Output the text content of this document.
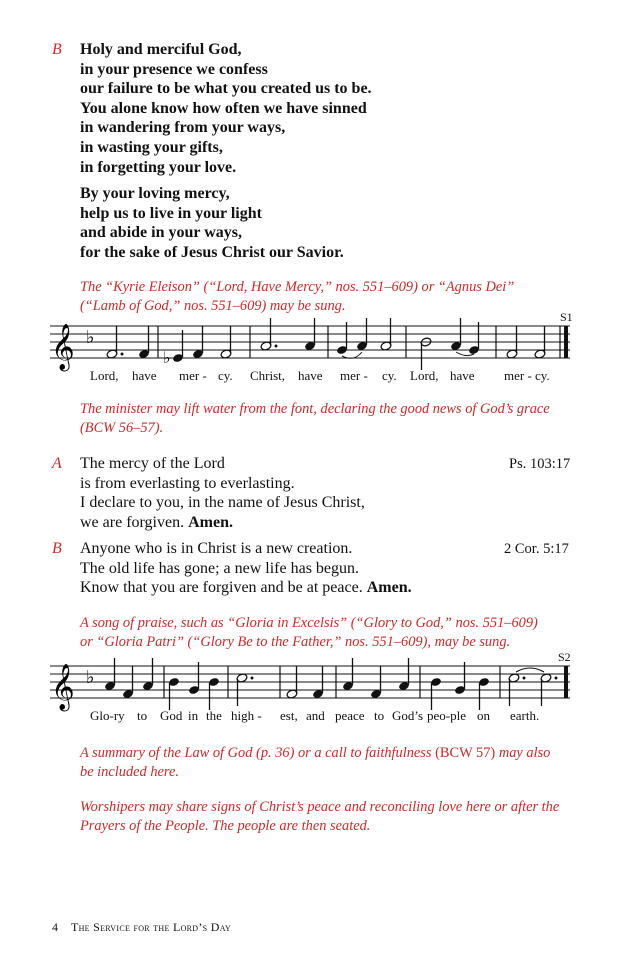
B Holy and merciful God,
in your presence we confess
our failure to be what you created us to be.
You alone know how often we have sinned
in wandering from your ways,
in wasting your gifts,
in forgetting your love.
By your loving mercy,
help us to live in your light
and abide in your ways,
for the sake of Jesus Christ our Savior.
The “Kyrie Eleison” (“Lord, Have Mercy,” nos. 551–609) or “Agnus Dei”
(“Lamb of God,” nos. 551–609) may be sung.
𝄞 ♭
♭
S1
Lord, have mer - cy. Christ, have mer - cy. Lord, have mer - cy.
The minister may lift water from the font, declaring the good news of God’s grace
(BCW 56–57).
A The mercy of the Lord
is from everlasting to everlasting.
I declare to you, in the name of Jesus Christ,
we are forgiven. Amen.
Ps. 103:17
B Anyone who is in Christ is a new creation.
The old life has gone; a new life has begun.
Know that you are forgiven and be at peace. Amen.
2 Cor. 5:17
A song of praise, such as “Gloria in Excelsis” (“Glory to God,” nos. 551–609)
or “Gloria Patri” (“Glory Be to the Father,” nos. 551–609), may be sung.
𝄞 ♭
S2
Glo-ry to God in the high - est, and peace to God’s peo-ple on earth.
A summary of the Law of God (p. 36) or a call to faithfulness (BCW 57) may also
be included here.
Worshipers may share signs of Christ’s peace and reconciling love here or after the
Prayers of the People. The people are then seated.
4 The Service for the Lord’s Day
